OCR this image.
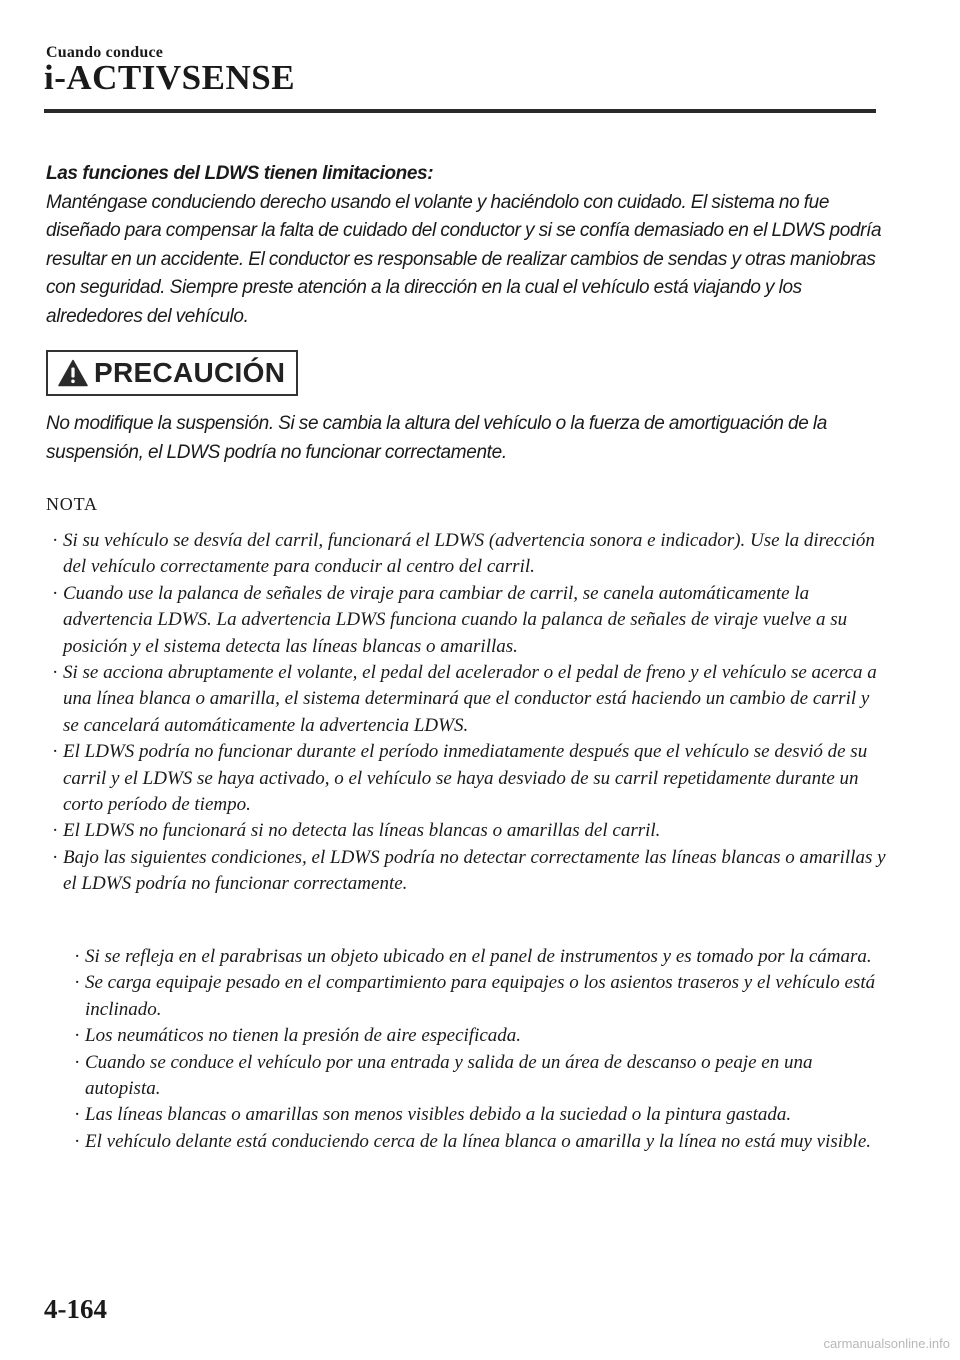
Cuando conduce
i-ACTIVSENSE
Las funciones del LDWS tienen limitaciones:
Manténgase conduciendo derecho usando el volante y haciéndolo con cuidado. El sistema no fue diseñado para compensar la falta de cuidado del conductor y si se confía demasiado en el LDWS podría resultar en un accidente. El conductor es responsable de realizar cambios de sendas y otras maniobras con seguridad. Siempre preste atención a la dirección en la cual el vehículo está viajando y los alrededores del vehículo.
PRECAUCIÓN
No modifique la suspensión. Si se cambia la altura del vehículo o la fuerza de amortiguación de la suspensión, el LDWS podría no funcionar correctamente.
NOTA
· Si su vehículo se desvía del carril, funcionará el LDWS (advertencia sonora e indicador). Use la dirección del vehículo correctamente para conducir al centro del carril.
· Cuando use la palanca de señales de viraje para cambiar de carril, se canela automáticamente la advertencia LDWS. La advertencia LDWS funciona cuando la palanca de señales de viraje vuelve a su posición y el sistema detecta las líneas blancas o amarillas.
· Si se acciona abruptamente el volante, el pedal del acelerador o el pedal de freno y el vehículo se acerca a una línea blanca o amarilla, el sistema determinará que el conductor está haciendo un cambio de carril y se cancelará automáticamente la advertencia LDWS.
· El LDWS podría no funcionar durante el período inmediatamente después que el vehículo se desvió de su carril y el LDWS se haya activado, o el vehículo se haya desviado de su carril repetidamente durante un corto período de tiempo.
· El LDWS no funcionará si no detecta las líneas blancas o amarillas del carril.
· Bajo las siguientes condiciones, el LDWS podría no detectar correctamente las líneas blancas o amarillas y el LDWS podría no funcionar correctamente.
· Si se refleja en el parabrisas un objeto ubicado en el panel de instrumentos y es tomado por la cámara.
· Se carga equipaje pesado en el compartimiento para equipajes o los asientos traseros y el vehículo está inclinado.
· Los neumáticos no tienen la presión de aire especificada.
· Cuando se conduce el vehículo por una entrada y salida de un área de descanso o peaje en una autopista.
· Las líneas blancas o amarillas son menos visibles debido a la suciedad o la pintura gastada.
· El vehículo delante está conduciendo cerca de la línea blanca o amarilla y la línea no está muy visible.
4-164
carmanualsonline.info
